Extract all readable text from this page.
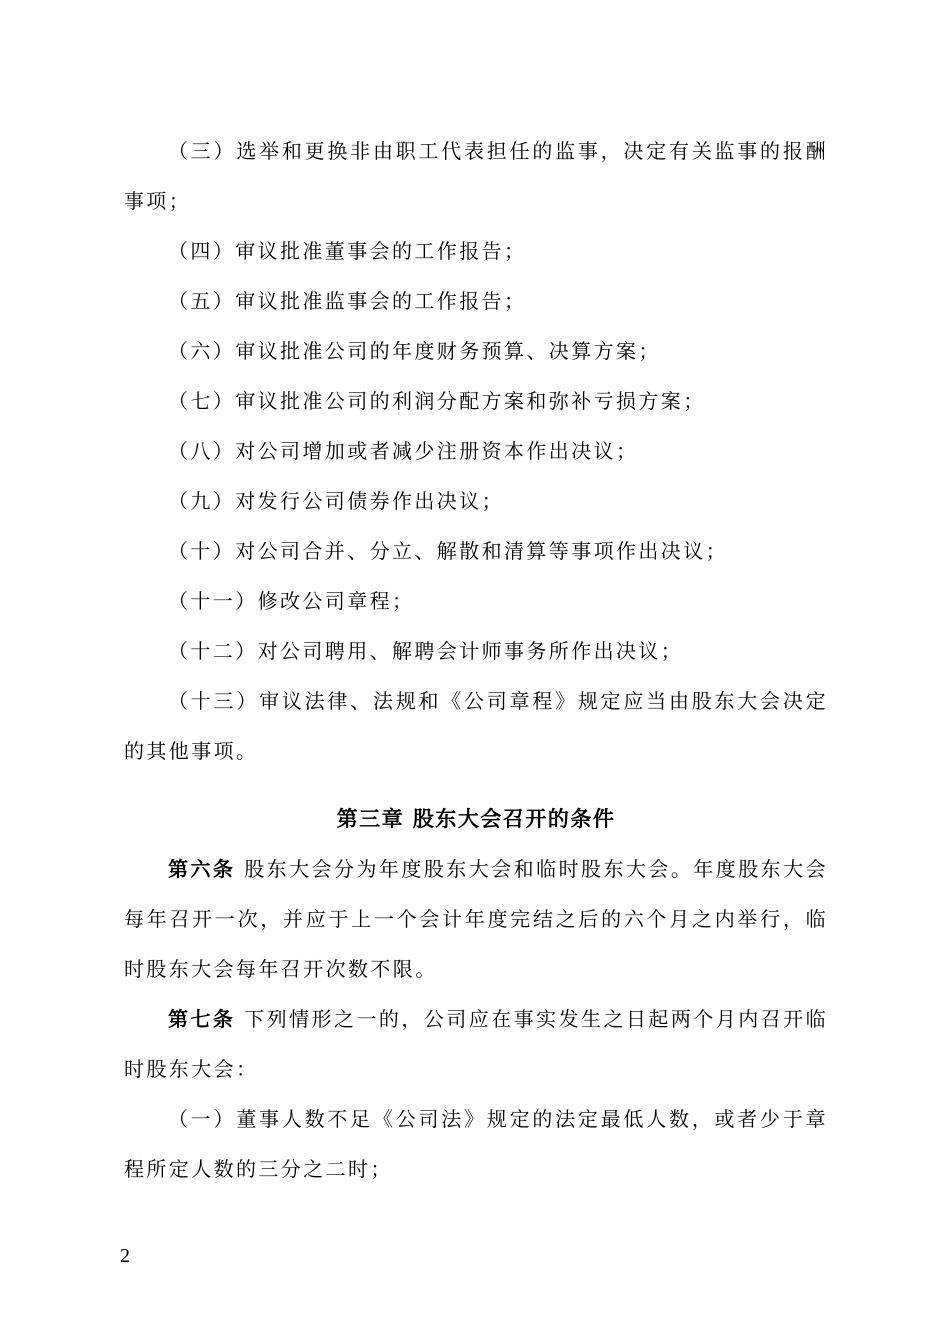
（三）选举和更换非由职工代表担任的监事，决定有关监事的报酬事项；

（四）审议批准董事会的工作报告；

（五）审议批准监事会的工作报告；

（六）审议批准公司的年度财务预算、决算方案；

（七）审议批准公司的利润分配方案和弥补亏损方案；

（八）对公司增加或者减少注册资本作出决议；

（九）对发行公司债券作出决议；

（十）对公司合并、分立、解散和清算等事项作出决议；

（十一）修改公司章程；

（十二）对公司聘用、解聘会计师事务所作出决议；

（十三）审议法律、法规和《公司章程》规定应当由股东大会决定的其他事项。

第三章 股东大会召开的条件

第六条 股东大会分为年度股东大会和临时股东大会。年度股东大会每年召开一次，并应于上一个会计年度完结之后的六个月之内举行，临时股东大会每年召开次数不限。

第七条 下列情形之一的，公司应在事实发生之日起两个月内召开临时股东大会：

（一）董事人数不足《公司法》规定的法定最低人数，或者少于章程所定人数的三分之二时；

2
